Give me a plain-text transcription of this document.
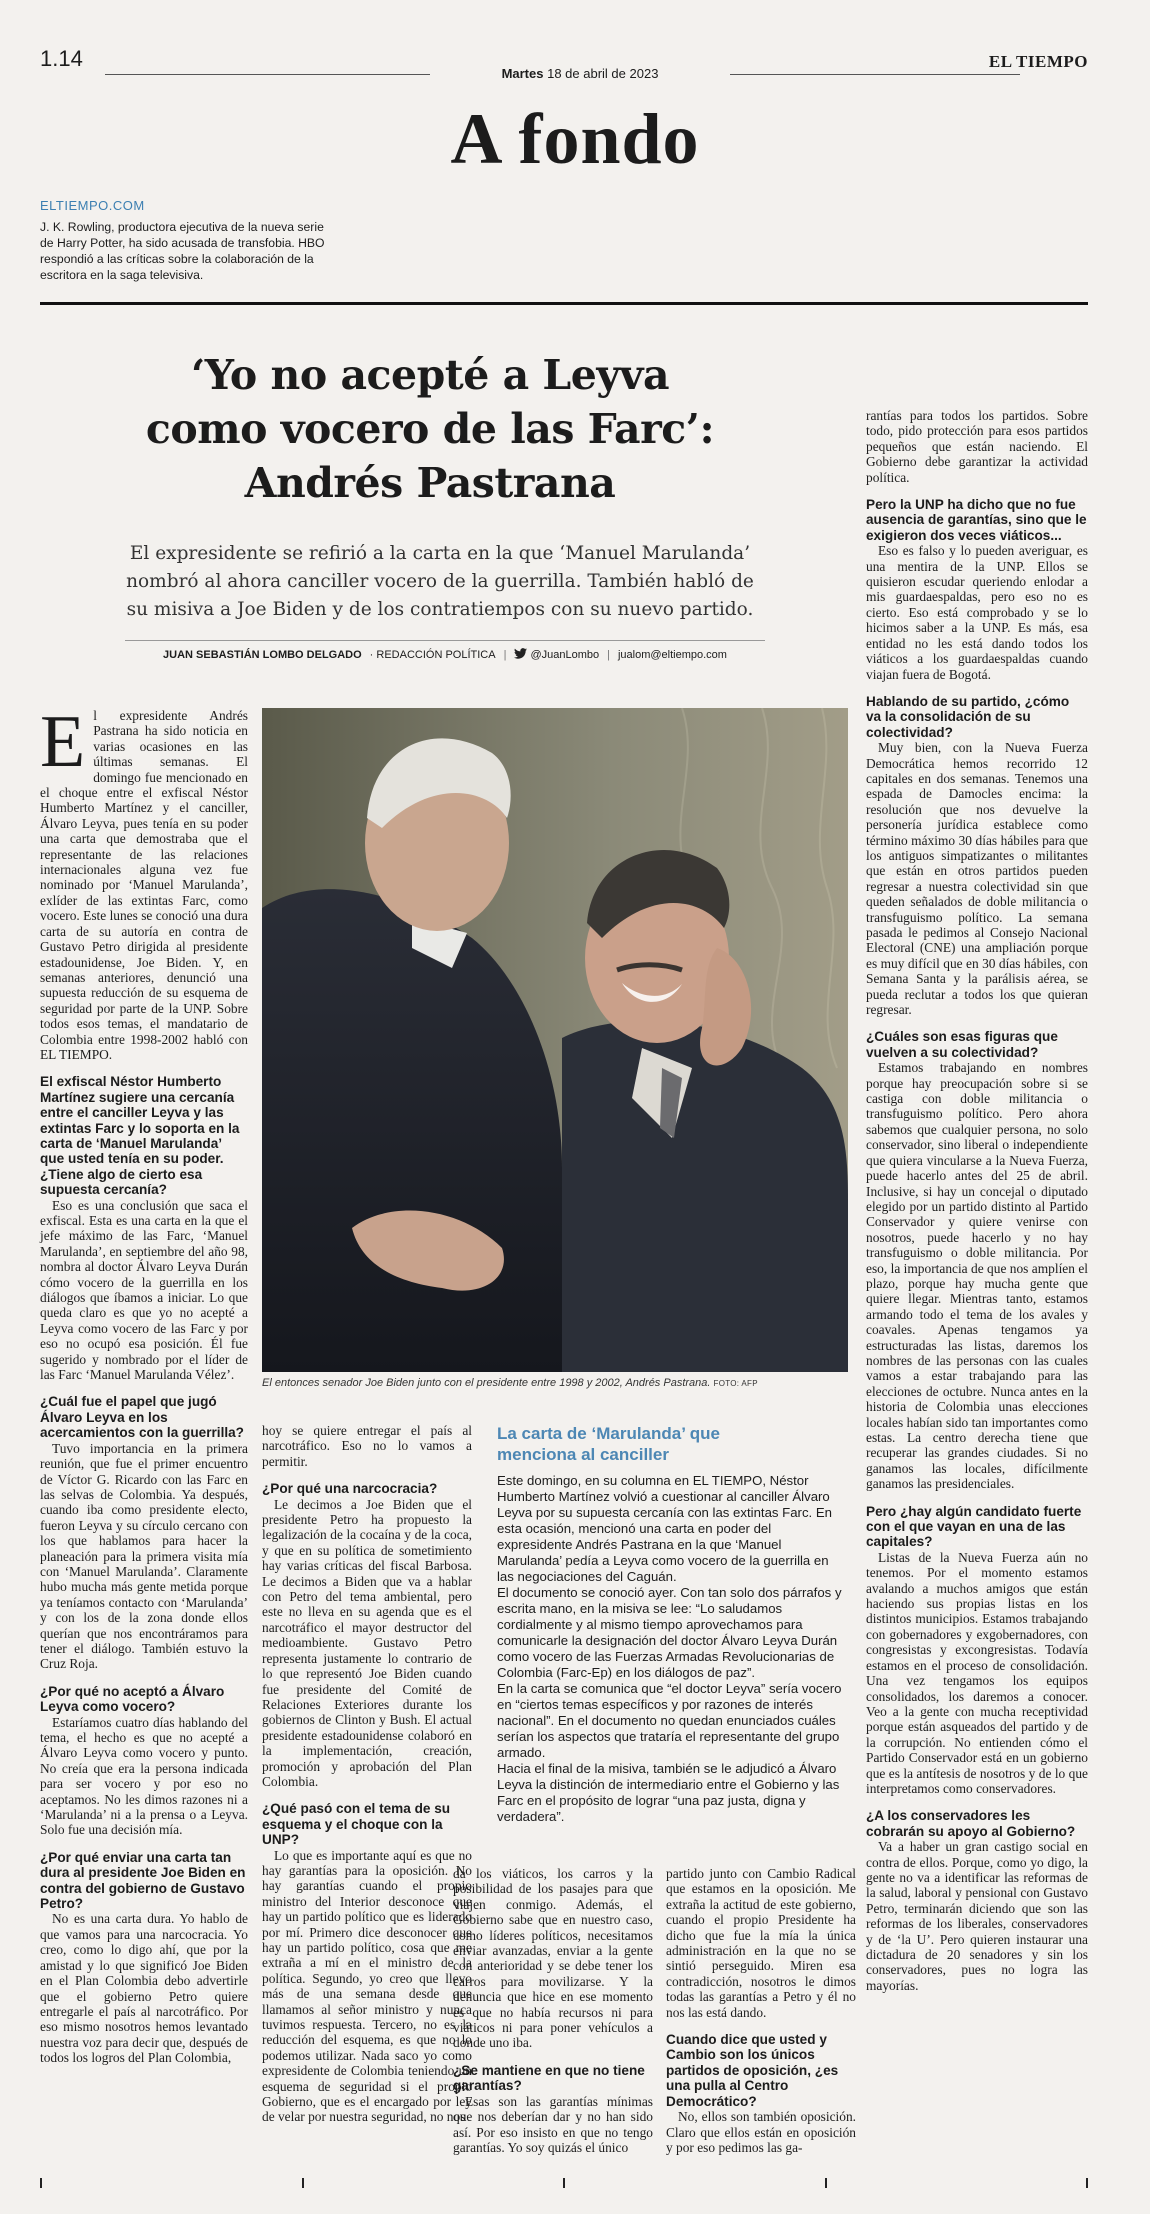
1.14
Martes 18 de abril de 2023
EL TIEMPO
A fondo
ELTIEMPO.COM
J. K. Rowling, productora ejecutiva de la nueva serie de Harry Potter, ha sido acusada de transfobia. HBO respondió a las críticas sobre la colaboración de la escritora en la saga televisiva.
‘Yo no acepté a Leyva
como vocero de las Farc’:
Andrés Pastrana
El expresidente se refirió a la carta en la que ‘Manuel Marulanda’ nombró al ahora canciller vocero de la guerrilla. También habló de su misiva a Joe Biden y de los contratiempos con su nuevo partido.
JUAN SEBASTIÁN LOMBO DELGADO · REDACCIÓN POLÍTICA |	@JuanLombo | jualom@eltiempo.com

El expresidente Andrés Pastrana ha sido noticia en varias ocasiones en las últimas semanas. El domingo fue mencionado en el choque entre el exfiscal Néstor Humberto Martínez y el canciller, Álvaro Leyva, pues tenía en su poder una carta que demostraba que el representante de las relaciones internacionales alguna vez fue nominado por ‘Manuel Marulanda’, exlíder de las extintas Farc, como vocero. Este lunes se conoció una dura carta de su autoría en contra de Gustavo Petro dirigida al presidente estadounidense, Joe Biden. Y, en semanas anteriores, denunció una supuesta reducción de su esquema de seguridad por parte de la UNP. Sobre todos esos temas, el mandatario de Colombia entre 1998-2002 habló con EL TIEMPO.

El exfiscal Néstor Humberto Martínez sugiere una cercanía entre el canciller Leyva y las extintas Farc y lo soporta en la carta de ‘Manuel Marulanda’ que usted tenía en su poder. ¿Tiene algo de cierto esa supuesta cercanía?

Eso es una conclusión que saca el exfiscal. Esta es una carta en la que el jefe máximo de las Farc, ‘Manuel Marulanda’, en septiembre del año 98, nombra al doctor Álvaro Leyva Durán cómo vocero de la guerrilla en los diálogos que íbamos a iniciar. Lo que queda claro es que yo no acepté a Leyva como vocero de las Farc y por eso no ocupó esa posición. Él fue sugerido y nombrado por el líder de las Farc ‘Manuel Marulanda Vélez’.

¿Cuál fue el papel que jugó Álvaro Leyva en los acercamientos con la guerrilla?

Tuvo importancia en la primera reunión, que fue el primer encuentro de Víctor G. Ricardo con las Farc en las selvas de Colombia. Ya después, cuando iba como presidente electo, fueron Leyva y su círculo cercano con los que hablamos para hacer la planeación para la primera visita mía con ‘Manuel Marulanda’. Claramente hubo mucha más gente metida porque ya teníamos contacto con ‘Marulanda’ y con los de la zona donde ellos querían que nos encontráramos para tener el diálogo. También estuvo la Cruz Roja.

¿Por qué no aceptó a Álvaro Leyva como vocero?

Estaríamos cuatro días hablando del tema, el hecho es que no acepté a Álvaro Leyva como vocero y punto. No creía que era la persona indicada para ser vocero y por eso no aceptamos. No les dimos razones ni a ‘Marulanda’ ni a la prensa o a Leyva. Solo fue una decisión mía.

¿Por qué enviar una carta tan dura al presidente Joe Biden en contra del gobierno de Gustavo Petro?

No es una carta dura. Yo hablo de que vamos para una narcocracia. Yo creo, como lo digo ahí, que por la amistad y lo que significó Joe Biden en el Plan Colombia debo advertirle que el gobierno Petro quiere entregarle el país al narcotráfico. Por eso mismo nosotros hemos levantado nuestra voz para decir que, después de todos los logros del Plan Colombia,

El entonces senador Joe Biden junto con el presidente entre 1998 y 2002, Andrés Pastrana. FOTO: AFP

hoy se quiere entregar el país al narcotráfico. Eso no lo vamos a permitir.

¿Por qué una narcocracia?

Le decimos a Joe Biden que el presidente Petro ha propuesto la legalización de la cocaína y de la coca, y que en su política de sometimiento hay varias críticas del fiscal Barbosa. Le decimos a Biden que va a hablar con Petro del tema ambiental, pero este no lleva en su agenda que es el narcotráfico el mayor destructor del medioambiente. Gustavo Petro representa justamente lo contrario de lo que representó Joe Biden cuando fue presidente del Comité de Relaciones Exteriores durante los gobiernos de Clinton y Bush. El actual presidente estadounidense colaboró en la implementación, creación, promoción y aprobación del Plan Colombia.

¿Qué pasó con el tema de su esquema y el choque con la UNP?

Lo que es importante aquí es que no hay garantías para la oposición. No hay garantías cuando el propio ministro del Interior desconoce que hay un partido político que es liderado por mí. Primero dice desconocer que hay un partido político, cosa que me extraña a mí en el ministro de la política. Segundo, yo creo que llevo más de una semana desde que llamamos al señor ministro y nunca tuvimos respuesta. Tercero, no es la reducción del esquema, es que no lo podemos utilizar. Nada saco yo como expresidente de Colombia teniendo un esquema de seguridad si el propio Gobierno, que es el encargado por ley de velar por nuestra seguridad, no nos

La carta de ‘Marulanda’ que menciona al canciller

Este domingo, en su columna en EL TIEMPO, Néstor Humberto Martínez volvió a cuestionar al canciller Álvaro Leyva por su supuesta cercanía con las extintas Farc. En esta ocasión, mencionó una carta en poder del expresidente Andrés Pastrana en la que ‘Manuel Marulanda’ pedía a Leyva como vocero de la guerrilla en las negociaciones del Caguán.

El documento se conoció ayer. Con tan solo dos párrafos y escrita mano, en la misiva se lee: “Lo saludamos cordialmente y al mismo tiempo aprovechamos para comunicarle la designación del doctor Álvaro Leyva Durán como vocero de las Fuerzas Armadas Revolucionarias de Colombia (Farc-Ep) en los diálogos de paz”.

En la carta se comunica que “el doctor Leyva” sería vocero en “ciertos temas específicos y por razones de interés nacional”. En el documento no quedan enunciados cuáles serían los aspectos que trataría el representante del grupo armado.

Hacia el final de la misiva, también se le adjudicó a Álvaro Leyva la distinción de intermediario entre el Gobierno y las Farc en el propósito de lograr “una paz justa, digna y verdadera”.

da los viáticos, los carros y la posibilidad de los pasajes para que viajen conmigo. Además, el Gobierno sabe que en nuestro caso, como líderes políticos, necesitamos enviar avanzadas, enviar a la gente con anterioridad y se debe tener los carros para movilizarse. Y la denuncia que hice en ese momento es que no había recursos ni para viáticos ni para poner vehículos a donde uno iba.

¿Se mantiene en que no tiene garantías?

Esas son las garantías mínimas que nos deberían dar y no han sido así. Por eso insisto en que no tengo garantías. Yo soy quizás el único

partido junto con Cambio Radical que estamos en la oposición. Me extraña la actitud de este gobierno, cuando el propio Presidente ha dicho que fue la mía la única administración en la que no se sintió perseguido. Miren esa contradicción, nosotros le dimos todas las garantías a Petro y él no nos las está dando.

Cuando dice que usted y Cambio son los únicos partidos de oposición, ¿es una pulla al Centro Democrático?

No, ellos son también oposición. Claro que ellos están en oposición y por eso pedimos las ga-

rantías para todos los partidos. Sobre todo, pido protección para esos partidos pequeños que están naciendo. El Gobierno debe garantizar la actividad política.

Pero la UNP ha dicho que no fue ausencia de garantías, sino que le exigieron dos veces viáticos...

Eso es falso y lo pueden averiguar, es una mentira de la UNP. Ellos se quisieron escudar queriendo enlodar a mis guardaespaldas, pero eso no es cierto. Eso está comprobado y se lo hicimos saber a la UNP. Es más, esa entidad no les está dando todos los viáticos a los guardaespaldas cuando viajan fuera de Bogotá.

Hablando de su partido, ¿cómo va la consolidación de su colectividad?

Muy bien, con la Nueva Fuerza Democrática hemos recorrido 12 capitales en dos semanas. Tenemos una espada de Damocles encima: la resolución que nos devuelve la personería jurídica establece como término máximo 30 días hábiles para que los antiguos simpatizantes o militantes que están en otros partidos pueden regresar a nuestra colectividad sin que queden señalados de doble militancia o transfuguismo político. La semana pasada le pedimos al Consejo Nacional Electoral (CNE) una ampliación porque es muy difícil que en 30 días hábiles, con Semana Santa y la parálisis aérea, se pueda reclutar a todos los que quieran regresar.

¿Cuáles son esas figuras que vuelven a su colectividad?

Estamos trabajando en nombres porque hay preocupación sobre si se castiga con doble militancia o transfuguismo político. Pero ahora sabemos que cualquier persona, no solo conservador, sino liberal o independiente que quiera vincularse a la Nueva Fuerza, puede hacerlo antes del 25 de abril. Inclusive, si hay un concejal o diputado elegido por un partido distinto al Partido Conservador y quiere venirse con nosotros, puede hacerlo y no hay transfuguismo o doble militancia. Por eso, la importancia de que nos amplíen el plazo, porque hay mucha gente que quiere llegar. Mientras tanto, estamos armando todo el tema de los avales y coavales. Apenas tengamos ya estructuradas las listas, daremos los nombres de las personas con las cuales vamos a estar trabajando para las elecciones de octubre. Nunca antes en la historia de Colombia unas elecciones locales habían sido tan importantes como estas. La centro derecha tiene que recuperar las grandes ciudades. Si no ganamos las locales, difícilmente ganamos las presidenciales.

Pero ¿hay algún candidato fuerte con el que vayan en una de las capitales?

Listas de la Nueva Fuerza aún no tenemos. Por el momento estamos avalando a muchos amigos que están haciendo sus propias listas en los distintos municipios. Estamos trabajando con gobernadores y exgobernadores, con congresistas y excongresistas. Todavía estamos en el proceso de consolidación. Una vez tengamos los equipos consolidados, los daremos a conocer. Veo a la gente con mucha receptividad porque están asqueados del partido y de la corrupción. No entienden cómo el Partido Conservador está en un gobierno que es la antítesis de nosotros y de lo que interpretamos como conservadores.

¿A los conservadores les cobrarán su apoyo al Gobierno?

Va a haber un gran castigo social en contra de ellos. Porque, como yo digo, la gente no va a identificar las reformas de la salud, laboral y pensional con Gustavo Petro, terminarán diciendo que son las reformas de los liberales, conservadores y de ‘la U’. Pero quieren instaurar una dictadura de 20 senadores y sin los conservadores, pues no logra las mayorías.
